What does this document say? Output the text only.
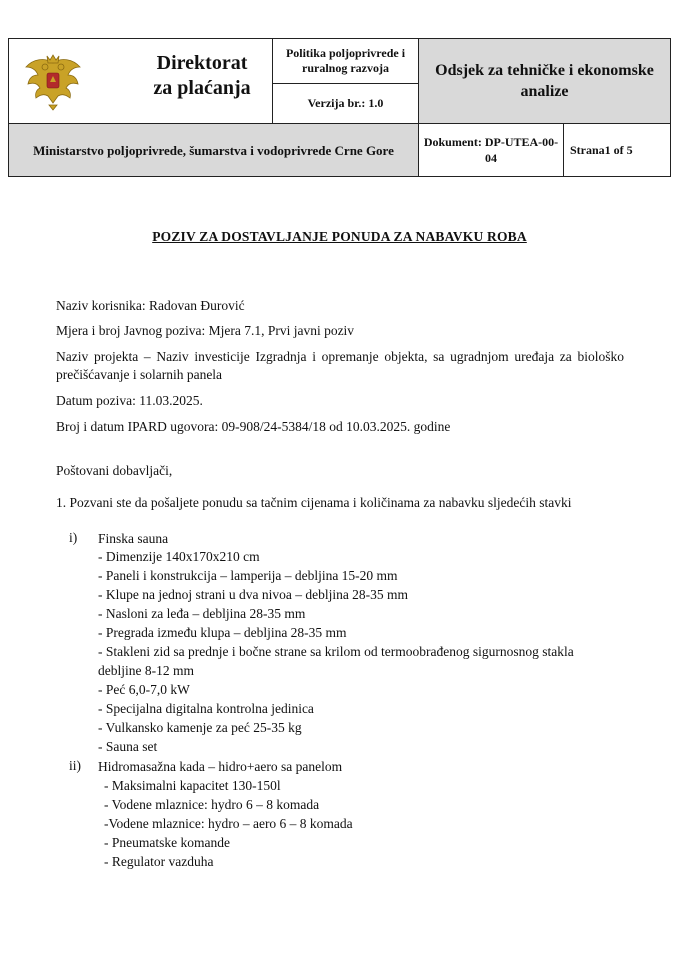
Direktorat
za plaćanja
Politika poljoprivrede i ruralnog razvoja
Verzija br.: 1.0
Odsjek za tehničke i ekonomske analize
Ministarstvo poljoprivrede, šumarstva i vodoprivrede Crne Gore
Dokument: DP-UTEA-00-04
Strana1 of 5
POZIV ZA DOSTAVLJANJE PONUDA ZA NABAVKU ROBA
Naziv korisnika: Radovan Đurović
Mjera i broj Javnog poziva: Mjera 7.1, Prvi javni poziv
Naziv projekta – Naziv investicije Izgradnja i opremanje objekta, sa ugradnjom uređaja za biološko prečišćavanje i solarnih panela
Datum poziva: 11.03.2025.
Broj i datum IPARD ugovora: 09-908/24-5384/18 od 10.03.2025. godine
Poštovani dobavljači,
1. Pozvani ste da pošaljete ponudu sa tačnim cijenama i količinama za nabavku sljedećih stavki
i) Finska sauna
- Dimenzije 140x170x210 cm
- Paneli i konstrukcija – lamperija – debljina 15-20 mm
- Klupe na jednoj strani u dva nivoa – debljina 28-35 mm
- Nasloni za leđa – debljina 28-35 mm
- Pregrada između klupa – debljina 28-35 mm
- Stakleni zid sa prednje i bočne strane sa krilom od termoobrađenog sigurnosnog stakla
debljine 8-12 mm
- Peć 6,0-7,0 kW
- Specijalna digitalna kontrolna jedinica
- Vulkansko kamenje za peć 25-35 kg
- Sauna set
ii) Hidromasažna kada – hidro+aero sa panelom
- Maksimalni kapacitet 130-150l
- Vodene mlaznice: hydro 6 – 8 komada
-Vodene mlaznice: hydro – aero 6 – 8 komada
- Pneumatske komande
- Regulator vazduha
